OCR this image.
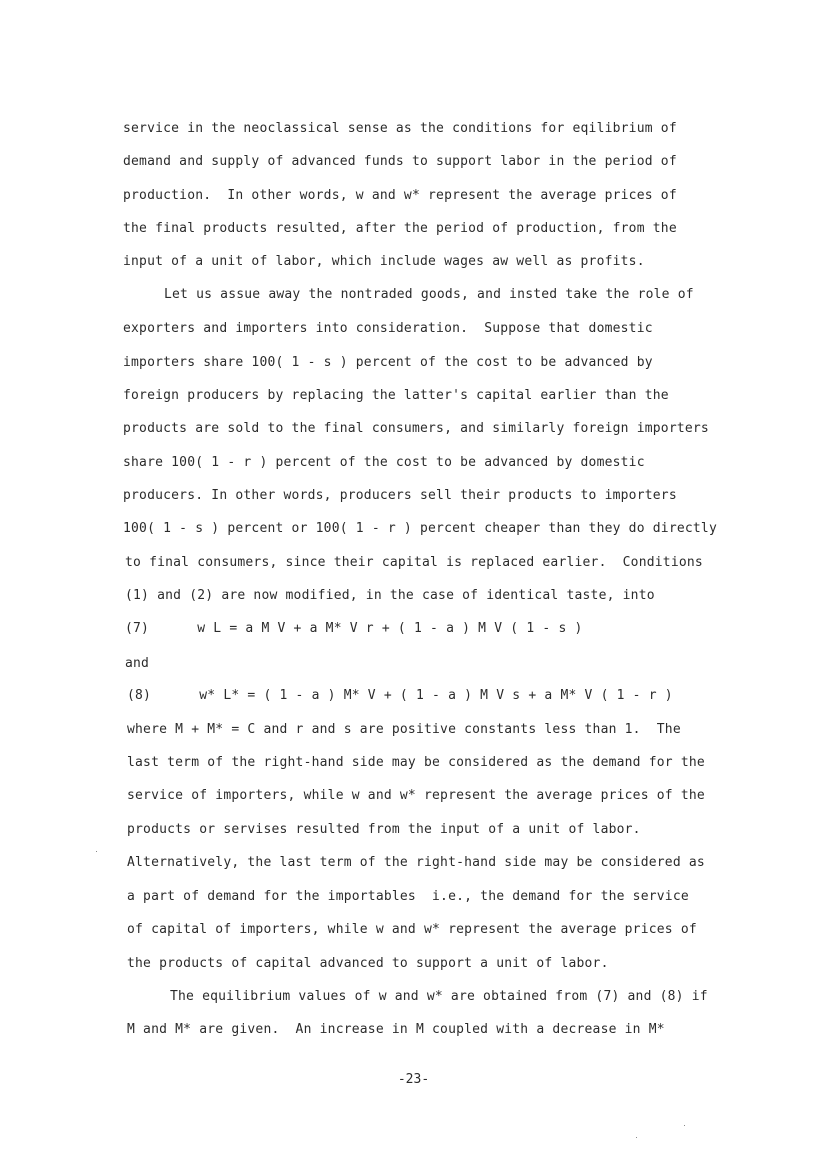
service in the neoclassical sense as the conditions for eqilibrium of
demand and supply of advanced funds to support labor in the period of
production.  In other words, w and w* represent the average prices of
the final products resulted, after the period of production, from the
input of a unit of labor, which include wages aw well as profits.
Let us assue away the nontraded goods, and insted take the role of
exporters and importers into consideration.  Suppose that domestic
importers share 100( 1 - s ) percent of the cost to be advanced by
foreign producers by replacing the latter's capital earlier than the
products are sold to the final consumers, and similarly foreign importers
share 100( 1 - r ) percent of the cost to be advanced by domestic
producers. In other words, producers sell their products to importers
100( 1 - s ) percent or 100( 1 - r ) percent cheaper than they do directly
to final consumers, since their capital is replaced earlier.  Conditions
(1) and (2) are now modified, in the case of identical taste, into
(7)      w L = a M V + a M* V r + ( 1 - a ) M V ( 1 - s )
and
(8)      w* L* = ( 1 - a ) M* V + ( 1 - a ) M V s + a M* V ( 1 - r )
where M + M* = C and r and s are positive constants less than 1.  The
last term of the right-hand side may be considered as the demand for the
service of importers, while w and w* represent the average prices of the
products or servises resulted from the input of a unit of labor.
Alternatively, the last term of the right-hand side may be considered as
a part of demand for the importables  i.e., the demand for the service
of capital of importers, while w and w* represent the average prices of
the products of capital advanced to support a unit of labor.
The equilibrium values of w and w* are obtained from (7) and (8) if
M and M* are given.  An increase in M coupled with a decrease in M*
-23-
